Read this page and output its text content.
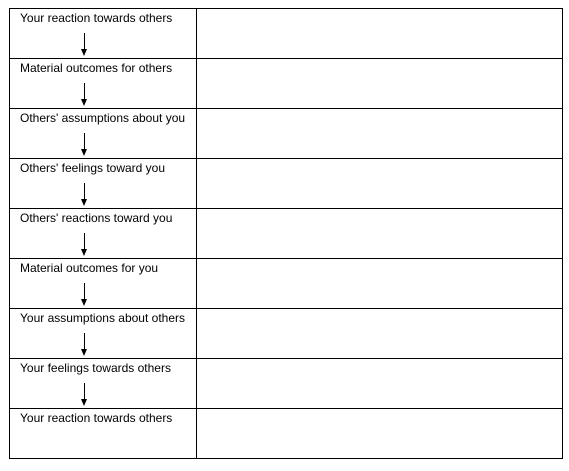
Your reaction towards others	

Material outcomes for others	

Others' assumptions about you	

Others' feelings toward you	

Others' reactions toward you	

Material outcomes for you	

Your assumptions about others	

Your feelings towards others	

Your reaction towards others	
